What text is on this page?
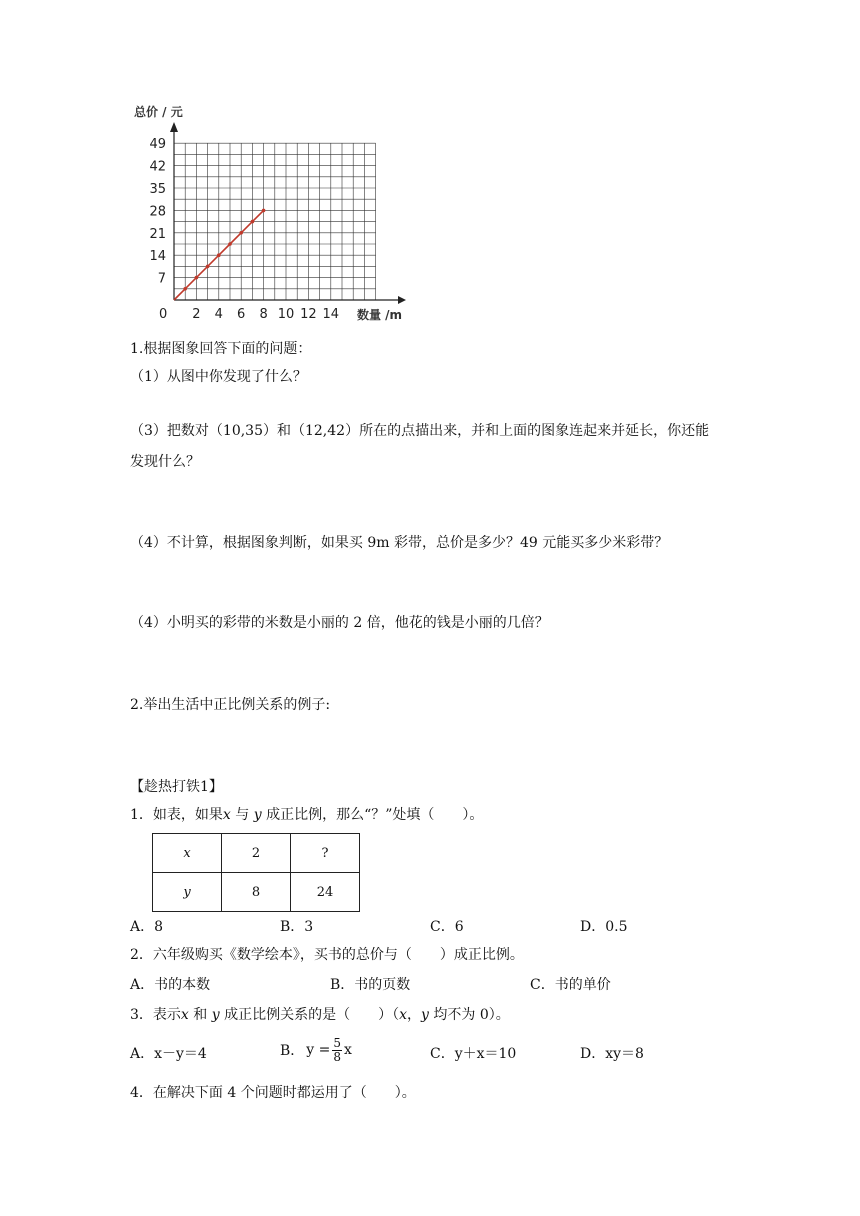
2 4 6 8 10 12 14
7
14
21
28
35
42
49
总价 / 元
数量 /m
0
1.根据图象回答下面的问题：
（1）从图中你发现了什么？
（3）把数对（10,35）和（12,42）所在的点描出来，并和上面的图象连起来并延长，你还能
发现什么？
（4）不计算，根据图象判断，如果买 9m 彩带，总价是多少？49 元能买多少米彩带？
（4）小明买的彩带的米数是小丽的 2 倍，他花的钱是小丽的几倍？
2.举出生活中正比例关系的例子:
【趁热打铁1】
1．如表，如果x 与 y 成正比例，那么“？”处填（　　）。
x	2	?
y	8	24
A．8	B．3	C．6	D．0.5
2．六年级购买《数学绘本》，买书的总价与（　　）成正比例。
A．书的本数	B．书的页数	C．书的单价
3．表示x 和 y 成正比例关系的是（　　）（x，y 均不为 0）。
A．x－y＝4	B． $y = \frac{5}{8}$ x	C．y＋x＝10	D．xy＝8
4．在解决下面 4 个问题时都运用了（　　）。
